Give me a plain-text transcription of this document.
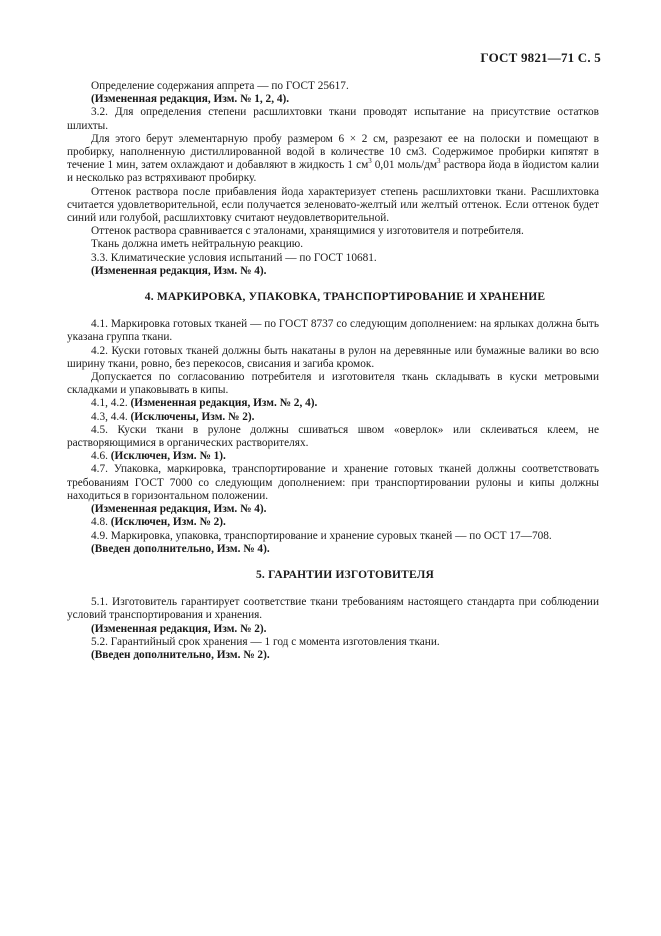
ГОСТ 9821—71 С. 5

Определение содержания аппрета — по ГОСТ 25617.

(Измененная редакция, Изм. № 1, 2, 4).

3.2. Для определения степени расшлихтовки ткани проводят испытание на присутствие остатков шлихты.

Для этого берут элементарную пробу размером 6 × 2 см, разрезают ее на полоски и помещают в пробирку, наполненную дистиллированной водой в количестве 10 см3. Содержимое пробирки кипятят в течение 1 мин, затем охлаждают и добавляют в жидкость 1 $см^3$ 0,01 моль/$дм^3$ раствора йода в йодистом калии и несколько раз встряхивают пробирку.

Оттенок раствора после прибавления йода характеризует степень расшлихтовки ткани. Расшлихтовка считается удовлетворительной, если получается зеленовато-желтый или желтый оттенок. Если оттенок будет синий или голубой, расшлихтовку считают неудовлетворительной.

Оттенок раствора сравнивается с эталонами, хранящимися у изготовителя и потребителя.

Ткань должна иметь нейтральную реакцию.

3.3. Климатические условия испытаний — по ГОСТ 10681.

(Измененная редакция, Изм. № 4).

4. МАРКИРОВКА, УПАКОВКА, ТРАНСПОРТИРОВАНИЕ И ХРАНЕНИЕ

4.1. Маркировка готовых тканей — по ГОСТ 8737 со следующим дополнением: на ярлыках должна быть указана группа ткани.

4.2. Куски готовых тканей должны быть накатаны в рулон на деревянные или бумажные валики во всю ширину ткани, ровно, без перекосов, свисания и загиба кромок.

Допускается по согласованию потребителя и изготовителя ткань складывать в куски метровыми складками и упаковывать в кипы.

4.1, 4.2. (Измененная редакция, Изм. № 2, 4).

4.3, 4.4. (Исключены, Изм. № 2).

4.5. Куски ткани в рулоне должны сшиваться швом «оверлок» или склеиваться клеем, не растворяющимися в органических растворителях.

4.6. (Исключен, Изм. № 1).

4.7. Упаковка, маркировка, транспортирование и хранение готовых тканей должны соответствовать требованиям ГОСТ 7000 со следующим дополнением: при транспортировании рулоны и кипы должны находиться в горизонтальном положении.

(Измененная редакция, Изм. № 4).

4.8. (Исключен, Изм. № 2).

4.9. Маркировка, упаковка, транспортирование и хранение суровых тканей — по ОСТ 17—708.

(Введен дополнительно, Изм. № 4).

5. ГАРАНТИИ ИЗГОТОВИТЕЛЯ

5.1. Изготовитель гарантирует соответствие ткани требованиям настоящего стандарта при соблюдении условий транспортирования и хранения.

(Измененная редакция, Изм. № 2).

5.2. Гарантийный срок хранения — 1 год с момента изготовления ткани.

(Введен дополнительно, Изм. № 2).
